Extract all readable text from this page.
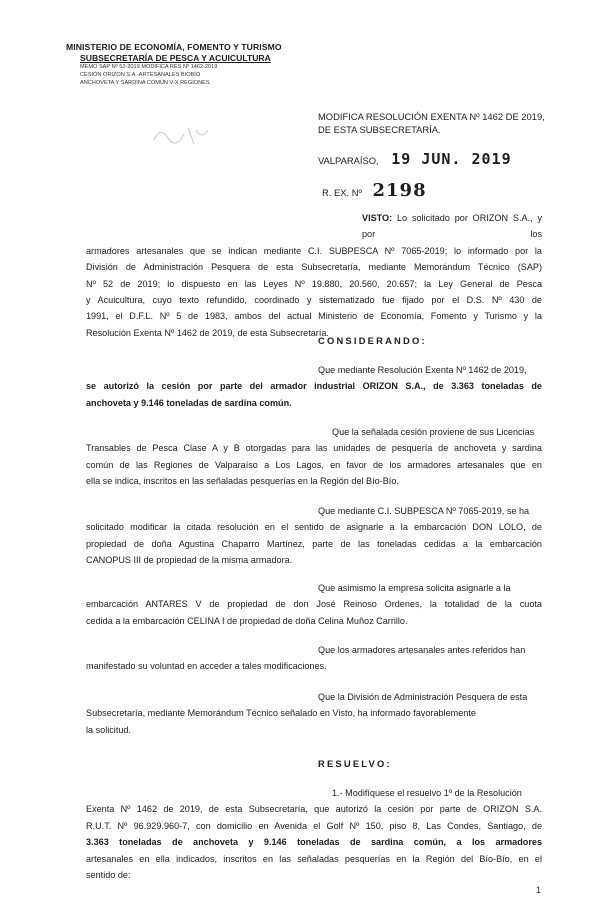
MINISTERIO DE ECONOMÍA, FOMENTO Y TURISMO
SUBSECRETARÍA DE PESCA Y ACUICULTURA
MEMO SAP Nº 52-2019 MODIFICA RES Nº 1462-2019
CESIÓN ORIZON S.A.-ARTESANALES BIOBÍO
ANCHOVETA Y SARDINA COMÚN V-X REGIONES
MODIFICA RESOLUCIÓN EXENTA Nº 1462 DE 2019, DE ESTA SUBSECRETARÍA.
VALPARAÍSO, 19 JUN. 2019
R. EX. Nº 2198
VISTO: Lo solicitado por ORIZON S.A., y por los
armadores artesanales que se indican mediante C.I. SUBPESCA Nº 7065-2019; lo informado por la
División de Administración Pesquera de esta Subsecretaría, mediante Memorándum Técnico (SAP)
Nº 52 de 2019; lo dispuesto en las Leyes Nº 19.880, 20.560, 20.657; la Ley General de Pesca
y Acuicultura, cuyo texto refundido, coordinado y sistematizado fue fijado por el D.S. Nº 430 de
1991, el D.F.L. Nº 5 de 1983, ambos del actual Ministerio de Economía, Fomento y Turismo y la
Resolución Exenta Nº 1462 de 2019, de esta Subsecretaría.
CONSIDERANDO:
Que mediante Resolución Exenta Nº 1462 de 2019,
se autorizó la cesión por parte del armador industrial ORIZON S.A., de 3.363 toneladas de
anchoveta y 9.146 toneladas de sardina común.
Que la señalada cesión proviene de sus Licencias
Transables de Pesca Clase A y B otorgadas para las unidades de pesquería de anchoveta y sardina
común de las Regiones de Valparaíso a Los Lagos, en favor de los armadores artesanales que en
ella se indica, inscritos en las señaladas pesquerías en la Región del Bío-Bío.
Que mediante C.I. SUBPESCA Nº 7065-2019, se ha
solicitado modificar la citada resolución en el sentido de asignarle a la embarcación DON LOLO, de
propiedad de doña Agustina Chaparro Martínez, parte de las toneladas cedidas a la embarcación
CANOPUS III de propiedad de la misma armadora.
Que asimismo la empresa solicita asignarle a la
embarcación ANTARES V de propiedad de don José Reinoso Ordenes, la totalidad de la cuota
cedida a la embarcación CELINA I de propiedad de doña Celina Muñoz Carrillo.
Que los armadores artesanales antes referidos han
manifestado su voluntad en acceder a tales modificaciones.
Que la División de Administración Pesquera de esta
Subsecretaría, mediante Memorándum Técnico señalado en Visto, ha informado favorablemente
la solicitud.
RESUELVO:
1.- Modifíquese el resuelvo 1º de la Resolución
Exenta Nº 1462 de 2019, de esta Subsecretaría, que autorizó la cesión por parte de ORIZON S.A.
R.U.T. Nº 96.929.960-7, con domicilio en Avenida el Golf Nº 150, piso 8, Las Condes, Santiago, de
3.363 toneladas de anchoveta y 9.146 toneladas de sardina común, a los armadores
artesanales en ella indicados, inscritos en las señaladas pesquerías en la Región del Bío-Bío, en el
sentido de:
1
